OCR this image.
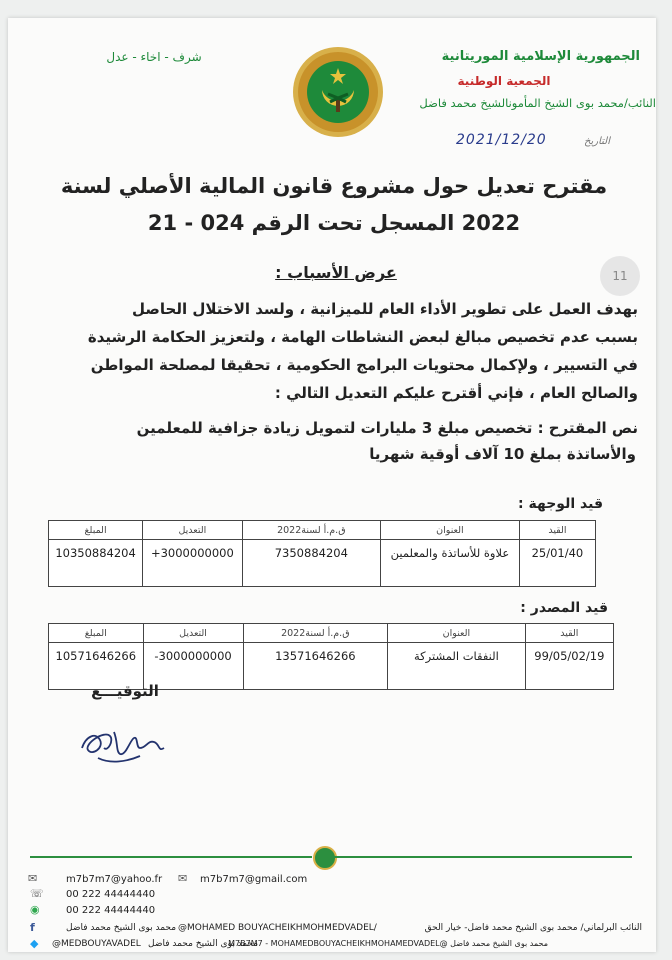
شرف - اخاء - عدل	الجمهورية الإسلامية الموريتانية
الجمعية الوطنية
النائب/محمد بوى الشيخ المأمونالشيخ محمد فاضل
التاريخ
2021/12/20
مقترح تعديل حول مشروع قانون المالية الأصلي لسنة
2022 المسجل تحت الرقم 024 - 21
11
عرض الأسباب :
بهدف العمل على تطوير الأداء العام للميزانية ، ولسد الاختلال الحاصل
بسبب عدم تخصيص مبالغ لبعض النشاطات الهامة ، ولتعزيز الحكامة الرشيدة
في التسيير ، ولإكمال محتويات البرامج الحكومية ، تحقيقا لمصلحة المواطن
والصالح العام ، فإني أقترح عليكم التعديل التالي :
نص المقترح : تخصيص مبلغ 3 مليارات لتمويل زيادة جزافية للمعلمين
والأساتذة بملغ 10 آلاف أوقية شهريا
قيد الوجهة :
المبلغ	التعديل	ق.م.أ لسنة2022	العنوان	القيد
10350884204	+3000000000	7350884204	علاوة للأساتذة والمعلمين	25/01/40
قيد المصدر :
المبلغ	التعديل	ق.م.أ لسنة2022	العنوان	القيد
10571646266	-3000000000	13571646266	النفقات المشتركة	99/05/02/19
التوقيـــع
✉	m7b7m7@yahoo.fr ✉ m7b7m7@gmail.com
☏ 00 222 44444440
◉	00 222 44444440
f	محمد بوى الشيخ محمد فاضل @MOHAMED BOUYACHEIKHMOHMEDVADEL/	النائب البرلماني/ محمد بوى الشيخ محمد فاضل- خيار الحق
◆ @MEDBOUYAVADEL محمد بوى الشيخ محمد فاضل
محمد بوى الشيخ محمد فاضل @M7B7M7 - MOHAMEDBOUYACHEIKHMOHAMEDVADEL
